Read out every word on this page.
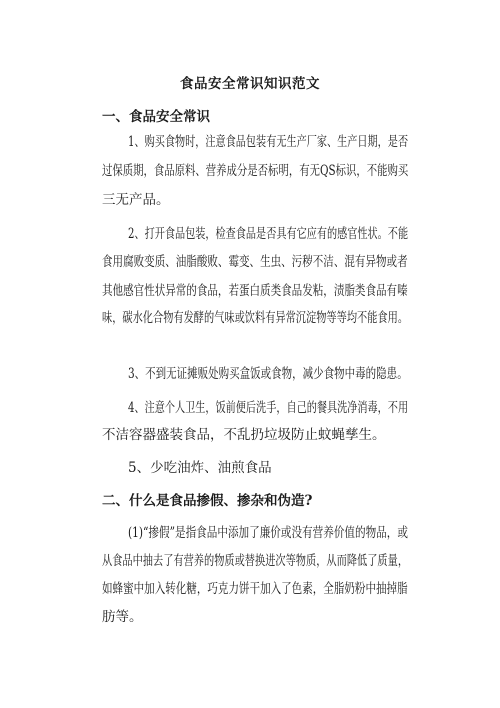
食品安全常识知识范文
一、食品安全常识
1、购买食物时，注意食品包装有无生产厂家、生产日期，是否
过保质期，食品原料、营养成分是否标明，有无QS标识，不能购买
三无产品。
2、打开食品包装，检查食品是否具有它应有的感官性状。不能
食用腐败变质、油脂酸败、霉变、生虫、污秽不洁、混有异物或者
其他感官性状异常的食品，若蛋白质类食品发粘，渍脂类食品有嗪
味，碳水化合物有发酵的气味或饮料有异常沉淀物等等均不能食用。
3、不到无证摊贩处购买盒饭或食物，减少食物中毒的隐患。
4、注意个人卫生，饭前便后洗手，自己的餐具洗净消毒，不用
不洁容器盛装食品，不乱扔垃圾防止蚊蝇孳生。
5、少吃油炸、油煎食品
二、什么是食品掺假、掺杂和伪造?
(1)“掺假”是指食品中添加了廉价或没有营养价值的物品，或
从食品中抽去了有营养的物质或替换进次等物质，从而降低了质量，
如蜂蜜中加入转化糖，巧克力饼干加入了色素，全脂奶粉中抽掉脂
肪等。
